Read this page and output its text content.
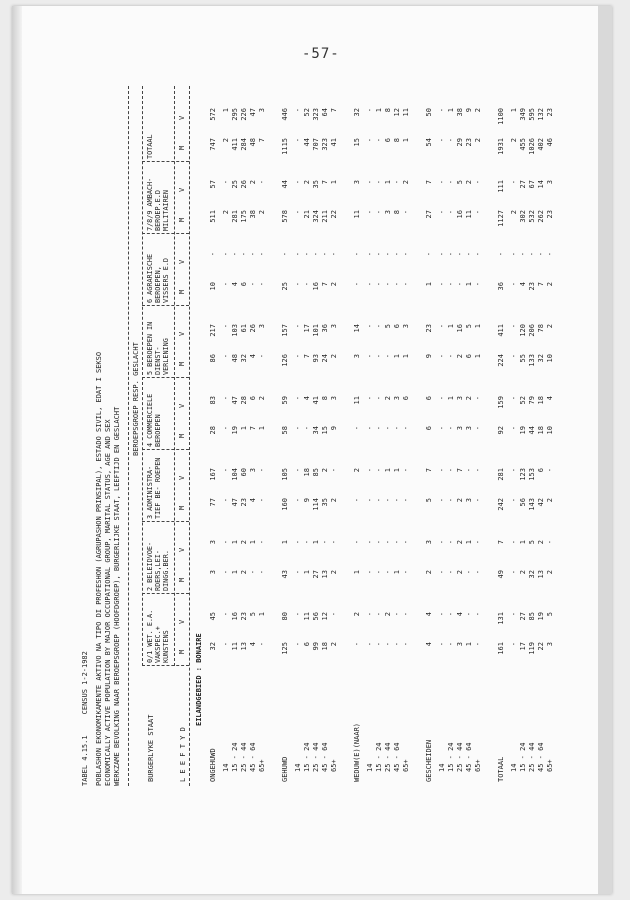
-57-
TABEL 4.15.1     CENSUS 1-2-1982 POBLASHON EKONOMIKAMENTE AKTIVO NA TIPO DI PROFESHON (AGRUPASHON PRINSIPAL), ESTADO SIVIL, EDAT I SEKSO ECONOMICALLY ACTIVE POPULATION BY MAJOR OCCUPATIONAL GROUP, MARITAL STATUS, AGE AND SEX WERKZAME BEVOLKING NAAR BEROEPSGROEP (HOOFDGROEP), BURGERLIJKE STAAT, LEEFTIJD EN GESLACHT
BEROEPSGROEP RESP. GESLACHT
BURGERLYKE STAAT	L E E F T Y D
0/1 WET. E.A. VAKSPEC.+ KUNSTENS
2 BELEIDVOE- RDERS,LEI- DINGG.BER.
3 ADMINISTRA- TIEF BE- ROEPEN
4 COMMERCIELE BEROEPEN
5 BEROEPEN IN DIENST- VERLENING
6 AGRARISCHE BEROEPEN, VISSERS E.D
7/8/9 AMBACH- BEROEP.E.D MILITAIREN
TOTAAL
M
V
M
V
M
V
M
V
M
V
M
V
M
V
M
V
EILANDGEBIED : BONAIRE
ONGEHUWD
32
45
3
3
77
167
28
83
86
217
10
-
511
57
747
572
14
-
-
-
-
-
-
-
-
-
-
-
-
2
-
2
1
15 - 24
11
16
1
1
47
104
19
47
48
103
4
-
281
25
411
295
25 - 44
13
23
2
2
23
60
1
28
32
61
6
-
175
26
284
226
45 - 64
4
5
-
1
4
3
7
6
4
26
-
-
38
2
48
47
65+
-
1
-
-
-
-
1
2
-
3
-
-
2
-
7
3
GEHUWD
125
80
43
1
160
105
58
59
126
157
25
-
578
44
1115
446
14
-
-
-
-
-
-
-
-
-
-
-
-
-
-
-
-
15 - 24
6
11
1
-
9
18
-
4
7
17
-
-
21
2
44
52
25 - 44
99
56
27
1
114
85
34
41
93
101
16
-
324
35
707
323
45 - 64
18
12
13
-
35
2
15
8
24
36
7
-
211
7
323
64
65+
2
-
2
-
2
-
9
3
2
3
2
-
22
1
41
7
WEDUW(E)(NAAR)
-
2
1
-
-
2
-
11
3
14
-
-
11
3
15
32
14
-
-
-
-
-
-
-
-
-
-
-
-
-
-
-
-
15 - 24
-
-
-
-
-
-
-
-
-
-
-
-
-
-
-
1
25 - 44
-
2
-
-
-
1
-
2
-
5
-
-
3
1
6
8
45 - 64
-
-
1
-
-
1
-
3
1
6
-
-
8
-
8
12
65+
-
-
-
-
-
-
-
6
1
3
-
-
-
2
1
11
GESCHEIDEN
4
4
2
3
5
7
6
6
9
23
1
-
27
7
54
50
14
-
-
-
-
-
-
-
-
-
-
-
-
-
-
-
-
15 - 24
-
-
-
-
-
-
-
1
-
1
-
-
-
-
-
1
25 - 44
3
4
2
2
2
7
3
3
2
16
-
-
16
5
29
38
45 - 64
1
-
-
1
3
-
3
2
6
5
1
-
11
2
23
9
65+
-
-
-
-
-
-
-
-
1
1
-
-
-
-
2
2
TOTAAL
161
131
49
7
242
281
92
159
224
411
36
-
1127
111
1931
1100
14
-
-
-
-
-
-
-
-
-
-
-
-
2
-
2
1
15 - 24
17
27
2
1
56
123
19
52
55
120
4
-
302
27
455
349
25 - 44
119
85
32
5
143
153
44
79
133
206
23
-
532
67
1026
595
45 - 64
22
19
13
2
42
6
18
18
32
78
7
-
262
14
402
132
65+
3
5
2
-
2
-
10
4
10
2
2
-
23
3
46
23
